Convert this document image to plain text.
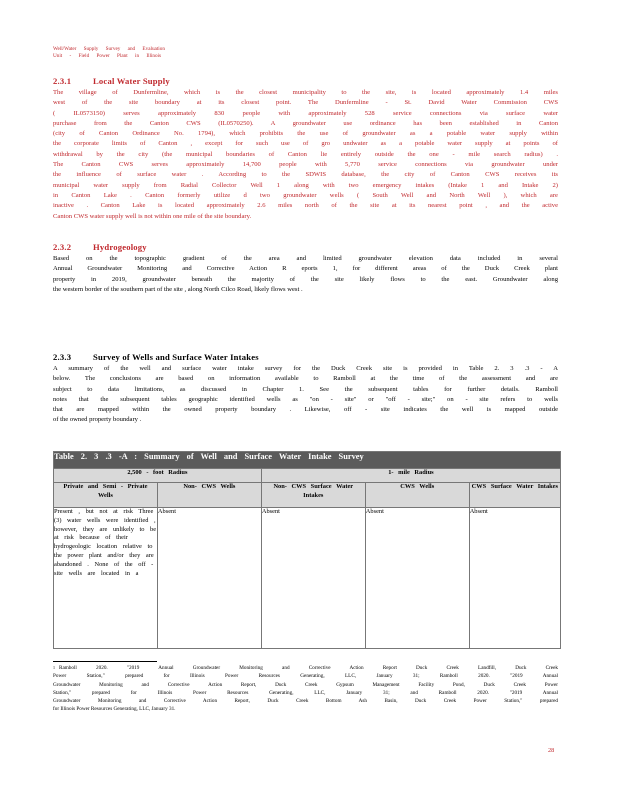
Well/Water Supply Survey and Evaluation
Unit - Field Power Plant in Illinois
2.3.1	Local Water Supply
The village of Dunfermline, which is the closest municipality to the site, is located approximately 1.4 miles
west of the site boundary at its closest point. The Dunfermline - St. David Water Commission CWS
( IL0573150) serves approximately 830 people with approximately 528 service connections via surface water
purchase from the Canton CWS (IL0570250). A groundwater use ordinance has been established in Canton
(city of Canton Ordinance No. 1794), which prohibits the use of groundwater as a potable water supply within
the corporate limits of Canton , except for such use of gro undwater as a potable water supply at points of
withdrawal by the city (the municipal boundaries of Canton lie entirely outside the one - mile search radius) .
The Canton CWS serves approximately 14,700 people with 5,770 service connections via groundwater under
the influence of surface water . According to the SDWIS database, the city of Canton CWS receives its
municipal water supply from Radial Collector Well 1 along with two emergency intakes (Intake 1 and Intake 2)
in Canton Lake . Canton formerly utilize d two groundwater wells ( South Well and North Well ), which are
inactive . Canton Lake is located approximately 2.6 miles north of the site at its nearest point , and the active
Canton CWS water supply well is not within one mile of the site boundary.
2.3.2	Hydrogeology
Based on the topographic gradient of the area and limited groundwater elevation data included in several
Annual Groundwater Monitoring and Corrective Action R eports 1, for different areas of the Duck Creek plant
property in 2019, groundwater beneath the majority of the site likely flows to the east. Groundwater along
the western border of the southern part of the site , along North Cilco Road, likely flows west .
2.3.3	Survey of Wells and Surface Water Intakes
A summary of the well and surface water intake survey for the Duck Creek site is provided in Table 2. 3 .3 - A
below. The conclusions are based on information available to Ramboll at the time of the assessment and are
subject to data limitations, as discussed in Chapter 1. See the subsequent tables for further details. Ramboll
notes that the subsequent tables geographic identified wells as "on - site" or "off - site;" on - site refers to wells
that are mapped within the owned property boundary . Likewise, off - site indicates the well is mapped outside
of the owned property boundary .
Table 2. 3 .3 -A : Summary of Well and Surface Water Intake Survey				
2,500 - foot Radius		1- mile Radius		
Private and Semi - Private Wells	Non- CWS Wells	Non- CWS Surface Water Intakes	CWS Wells	CWS Surface Water Intakes
Present , but not at risk Three (3) water wells were identified , however, they are unlikely to be at risk because of their hydrogeologic location relative to the power plant and/or they are abandoned . None of the off - site wells are located in a	Absent	Absent	Absent	Absent
$^1$ Ramboll 2020. "2019 Annual Groundwater Monitoring and Corrective Action Report Duck Creek Landfill, Duck Creek
Power Station," prepared for Illinois Power Resources Generating, LLC, January 31; Ramboll 2020. "2019 Annual
Groundwater Monitoring and Corrective Action Report, Duck Creek Gypsum Management Facility Pond, Duck Creek Power
Station," prepared for Illinois Power Resources Generating, LLC, January 31; and Ramboll 2020. "2019 Annual
Groundwater Monitoring and Corrective Action Report, Duck Creek Bottom Ash Basin, Duck Creek Power Station," prepared
for Illinois Power Resources Generating, LLC, January 31.
28
